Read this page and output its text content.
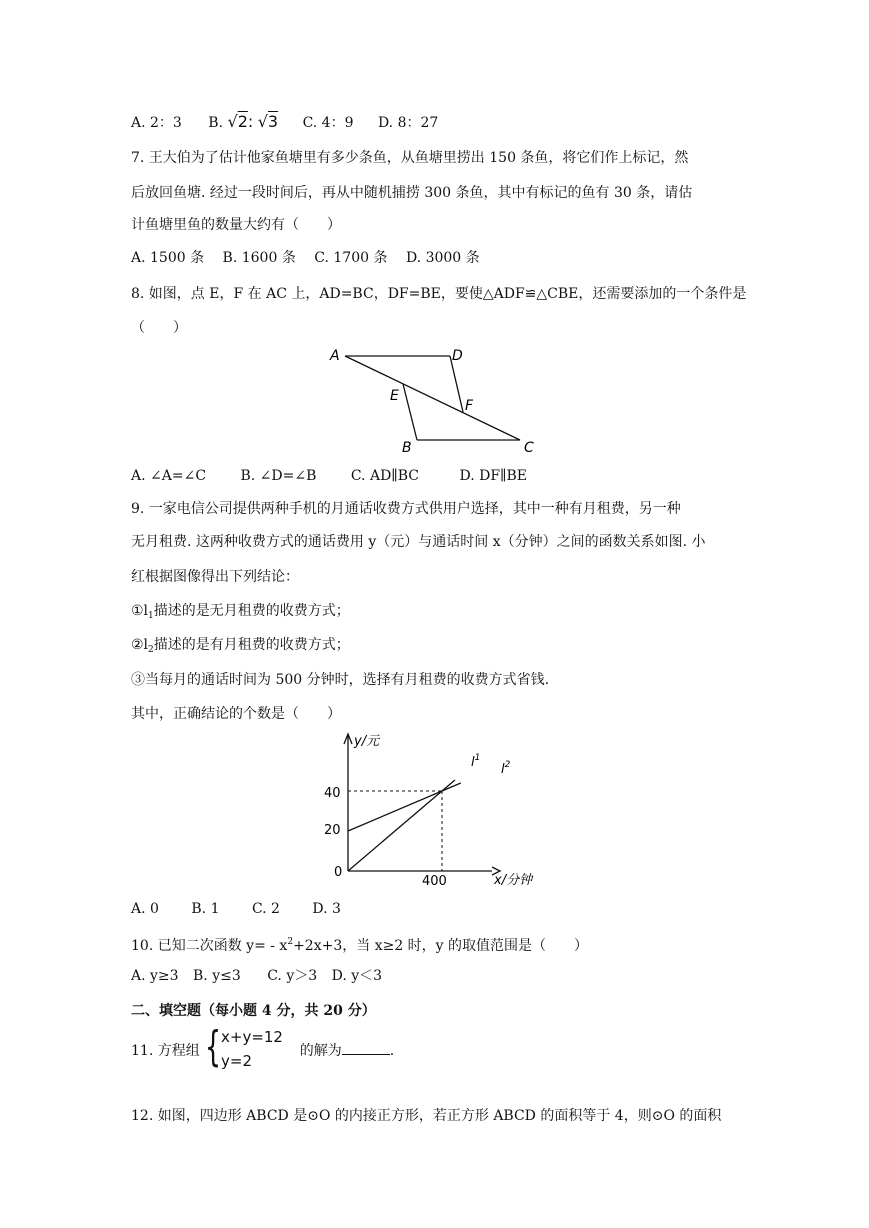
A. 2：3 B. √2: √3 C. 4：9 D. 8：27
7. 王大伯为了估计他家鱼塘里有多少条鱼，从鱼塘里捞出 150 条鱼，将它们作上标记，然
后放回鱼塘. 经过一段时间后，再从中随机捕捞 300 条鱼，其中有标记的鱼有 30 条，请估
计鱼塘里鱼的数量大约有（　　）
A. 1500 条 B. 1600 条 C. 1700 条 D. 3000 条
8. 如图，点 E，F 在 AC 上，AD=BC，DF=BE，要使△ADF≌△CBE，还需要添加的一个条件是
（　　）
A	D
E
F
B	C
A. ∠A=∠C B. ∠D=∠B C. AD∥BC	D. DF∥BE
9. 一家电信公司提供两种手机的月通话收费方式供用户选择，其中一种有月租费，另一种
无月租费. 这两种收费方式的通话费用 y（元）与通话时间 x（分钟）之间的函数关系如图. 小
红根据图像得出下列结论：
$①l_1$描述的是无月租费的收费方式；
$②l_2$描述的是有月租费的收费方式；
③当每月的通话时间为 500 分钟时，选择有月租费的收费方式省钱.
其中，正确结论的个数是（　　）
y/元
x/分钟
0
40
20
400
$l^1$
$l^2$
A. 0 B. 1 C. 2 D. 3
10. 已知二次函数 $y= - x^2+2x+3$，当 x≥2 时，y 的取值范围是（　　）
A. y≥3 B. y≤3 C. y＞3 D. y＜3
二、填空题（每小题 4 分，共 20 分）
11. 方程组	的解为	.
{ x+y=12
y=2
12. 如图，四边形 ABCD 是⊙O 的内接正方形，若正方形 ABCD 的面积等于 4，则⊙O 的面积
